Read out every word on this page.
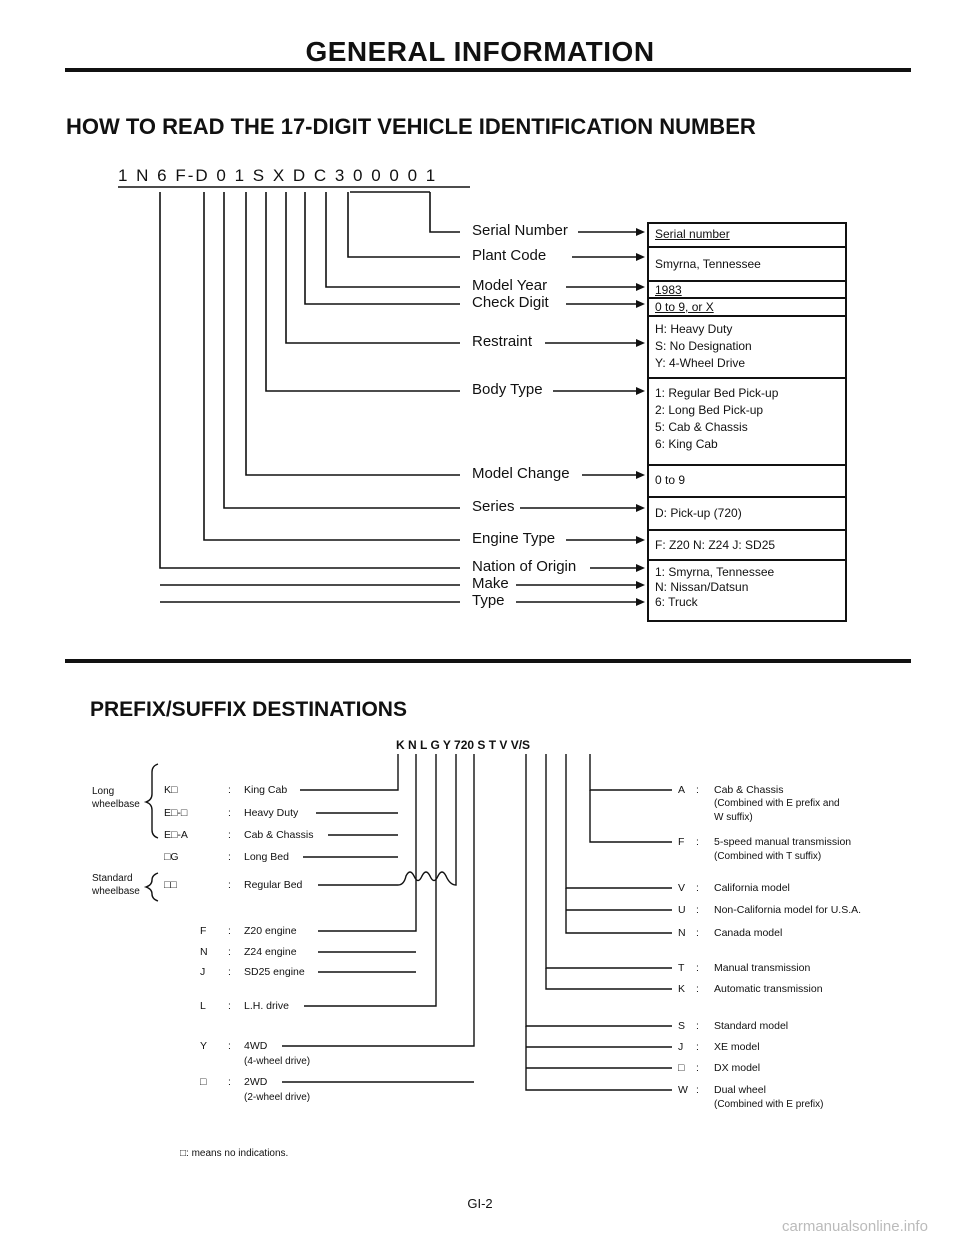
GENERAL INFORMATION
HOW TO READ THE 17-DIGIT VEHICLE IDENTIFICATION NUMBER
1 N 6 F-D 0 1 S X D C 3 0 0 0 0 1
Serial Number
Plant Code
Model Year
Check Digit
Restraint
Body Type
Model Change
Series
Engine Type
Nation of Origin
Make
Type
Serial number
Smyrna, Tennessee
1983
0 to 9, or X
H: Heavy Duty
S: No Designation
Y: 4-Wheel Drive
1: Regular Bed Pick-up
2: Long Bed Pick-up
5: Cab & Chassis
6: King Cab
0 to 9
D: Pick-up (720)
F: Z20 N: Z24 J: SD25
1: Smyrna, Tennessee
N: Nissan/Datsun
6: Truck
PREFIX/SUFFIX DESTINATIONS
K N L G Y 720 S T V V/S
Long
wheelbase
Standard
wheelbase
K□
E□-□
E□-A
□G
□□
F
N
J
L
Y
□
:
:
:
:
:
:
:
:
:
:
:
King Cab
Heavy Duty
Cab & Chassis
Long Bed
Regular Bed
Z20 engine
Z24 engine
SD25 engine
L.H. drive
4WD
(4-wheel drive)
2WD
(2-wheel drive)
A
F
V
U
N
T
K
S
J
□
W
:
:
:
:
:
:
:
:
:
:
:
Cab & Chassis
(Combined with E prefix and
W suffix)
5-speed manual transmission
(Combined with T suffix)
California model
Non-California model for U.S.A.
Canada model
Manual transmission
Automatic transmission
Standard model
XE model
DX model
Dual wheel
(Combined with E prefix)
□: means no indications.
GI-2
carmanualsonline.info
